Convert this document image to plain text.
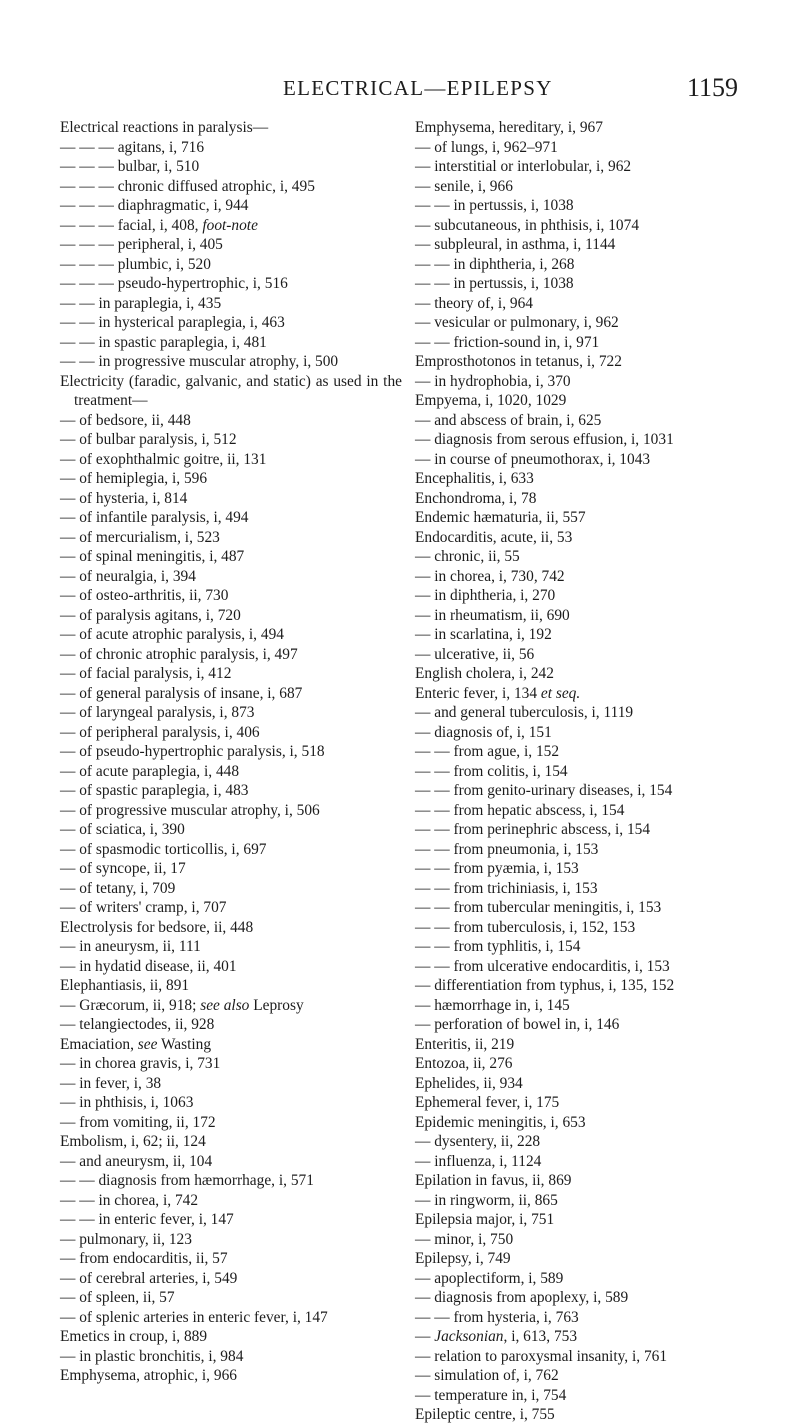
ELECTRICAL—EPILEPSY	1159
Electrical reactions in paralysis—
— — — agitans, i, 716
— — — bulbar, i, 510
— — — chronic diffused atrophic, i, 495
— — — diaphragmatic, i, 944
— — — facial, i, 408, foot-note
— — — peripheral, i, 405
— — — plumbic, i, 520
— — — pseudo-hypertrophic, i, 516
— — in paraplegia, i, 435
— — in hysterical paraplegia, i, 463
— — in spastic paraplegia, i, 481
— — in progressive muscular atrophy, i, 500
Electricity (faradic, galvanic, and static) as used in the treatment—
— of bedsore, ii, 448
— of bulbar paralysis, i, 512
— of exophthalmic goitre, ii, 131
— of hemiplegia, i, 596
— of hysteria, i, 814
— of infantile paralysis, i, 494
— of mercurialism, i, 523
— of spinal meningitis, i, 487
— of neuralgia, i, 394
— of osteo-arthritis, ii, 730
— of paralysis agitans, i, 720
— of acute atrophic paralysis, i, 494
— of chronic atrophic paralysis, i, 497
— of facial paralysis, i, 412
— of general paralysis of insane, i, 687
— of laryngeal paralysis, i, 873
— of peripheral paralysis, i, 406
— of pseudo-hypertrophic paralysis, i, 518
— of acute paraplegia, i, 448
— of spastic paraplegia, i, 483
— of progressive muscular atrophy, i, 506
— of sciatica, i, 390
— of spasmodic torticollis, i, 697
— of syncope, ii, 17
— of tetany, i, 709
— of writers' cramp, i, 707
Electrolysis for bedsore, ii, 448
— in aneurysm, ii, 111
— in hydatid disease, ii, 401
Elephantiasis, ii, 891
— Græcorum, ii, 918; see also Leprosy
— telangiectodes, ii, 928
Emaciation, see Wasting
— in chorea gravis, i, 731
— in fever, i, 38
— in phthisis, i, 1063
— from vomiting, ii, 172
Embolism, i, 62; ii, 124
— and aneurysm, ii, 104
— — diagnosis from hæmorrhage, i, 571
— — in chorea, i, 742
— — in enteric fever, i, 147
— pulmonary, ii, 123
— from endocarditis, ii, 57
— of cerebral arteries, i, 549
— of spleen, ii, 57
— of splenic arteries in enteric fever, i, 147
Emetics in croup, i, 889
— in plastic bronchitis, i, 984
Emphysema, atrophic, i, 966
Emphysema, hereditary, i, 967
— of lungs, i, 962–971
— interstitial or interlobular, i, 962
— senile, i, 966
— — in pertussis, i, 1038
— subcutaneous, in phthisis, i, 1074
— subpleural, in asthma, i, 1144
— — in diphtheria, i, 268
— — in pertussis, i, 1038
— theory of, i, 964
— vesicular or pulmonary, i, 962
— — friction-sound in, i, 971
Emprosthotonos in tetanus, i, 722
— in hydrophobia, i, 370
Empyema, i, 1020, 1029
— and abscess of brain, i, 625
— diagnosis from serous effusion, i, 1031
— in course of pneumothorax, i, 1043
Encephalitis, i, 633
Enchondroma, i, 78
Endemic hæmaturia, ii, 557
Endocarditis, acute, ii, 53
— chronic, ii, 55
— in chorea, i, 730, 742
— in diphtheria, i, 270
— in rheumatism, ii, 690
— in scarlatina, i, 192
— ulcerative, ii, 56
English cholera, i, 242
Enteric fever, i, 134 et seq.
— and general tuberculosis, i, 1119
— diagnosis of, i, 151
— — from ague, i, 152
— — from colitis, i, 154
— — from genito-urinary diseases, i, 154
— — from hepatic abscess, i, 154
— — from perinephric abscess, i, 154
— — from pneumonia, i, 153
— — from pyæmia, i, 153
— — from trichiniasis, i, 153
— — from tubercular meningitis, i, 153
— — from tuberculosis, i, 152, 153
— — from typhlitis, i, 154
— — from ulcerative endocarditis, i, 153
— differentiation from typhus, i, 135, 152
— hæmorrhage in, i, 145
— perforation of bowel in, i, 146
Enteritis, ii, 219
Entozoa, ii, 276
Ephelides, ii, 934
Ephemeral fever, i, 175
Epidemic meningitis, i, 653
— dysentery, ii, 228
— influenza, i, 1124
Epilation in favus, ii, 869
— in ringworm, ii, 865
Epilepsia major, i, 751
— minor, i, 750
Epilepsy, i, 749
— apoplectiform, i, 589
— diagnosis from apoplexy, i, 589
— — from hysteria, i, 763
— Jacksonian, i, 613, 753
— relation to paroxysmal insanity, i, 761
— simulation of, i, 762
— temperature in, i, 754
Epileptic centre, i, 755
